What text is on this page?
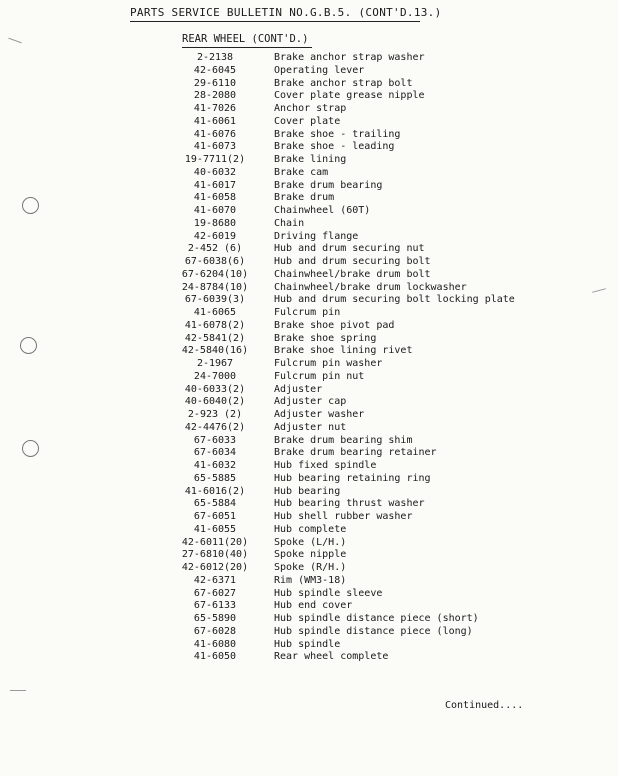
PARTS SERVICE BULLETIN NO.G.B.5. (CONT'D.13.)
REAR WHEEL (CONT'D.)
2-2138	Brake anchor strap washer
42-6045	Operating lever
29-6110	Brake anchor strap bolt
28-2080	Cover plate grease nipple
41-7026	Anchor strap
41-6061	Cover plate
41-6076	Brake shoe - trailing
41-6073	Brake shoe - leading
19-7711(2)	Brake lining
40-6032	Brake cam
41-6017	Brake drum bearing
41-6058	Brake drum
41-6070	Chainwheel (60T)
19-8680	Chain
42-6019	Driving flange
2-452 (6)	Hub and drum securing nut
67-6038(6)	Hub and drum securing bolt
67-6204(10)	Chainwheel/brake drum bolt
24-8784(10)	Chainwheel/brake drum lockwasher
67-6039(3)	Hub and drum securing bolt locking plate
41-6065	Fulcrum pin
41-6078(2)	Brake shoe pivot pad
42-5841(2)	Brake shoe spring
42-5840(16)	Brake shoe lining rivet
2-1967	Fulcrum pin washer
24-7000	Fulcrum pin nut
40-6033(2)	Adjuster
40-6040(2)	Adjuster cap
2-923 (2)	Adjuster washer
42-4476(2)	Adjuster nut
67-6033	Brake drum bearing shim
67-6034	Brake drum bearing retainer
41-6032	Hub fixed spindle
65-5885	Hub bearing retaining ring
41-6016(2)	Hub bearing
65-5884	Hub bearing thrust washer
67-6051	Hub shell rubber washer
41-6055	Hub complete
42-6011(20)	Spoke (L/H.)
27-6810(40)	Spoke nipple
42-6012(20)	Spoke (R/H.)
42-6371	Rim (WM3-18)
67-6027	Hub spindle sleeve
67-6133	Hub end cover
65-5890	Hub spindle distance piece (short)
67-6028	Hub spindle distance piece (long)
41-6080	Hub spindle
41-6050	Rear wheel complete
Continued....
